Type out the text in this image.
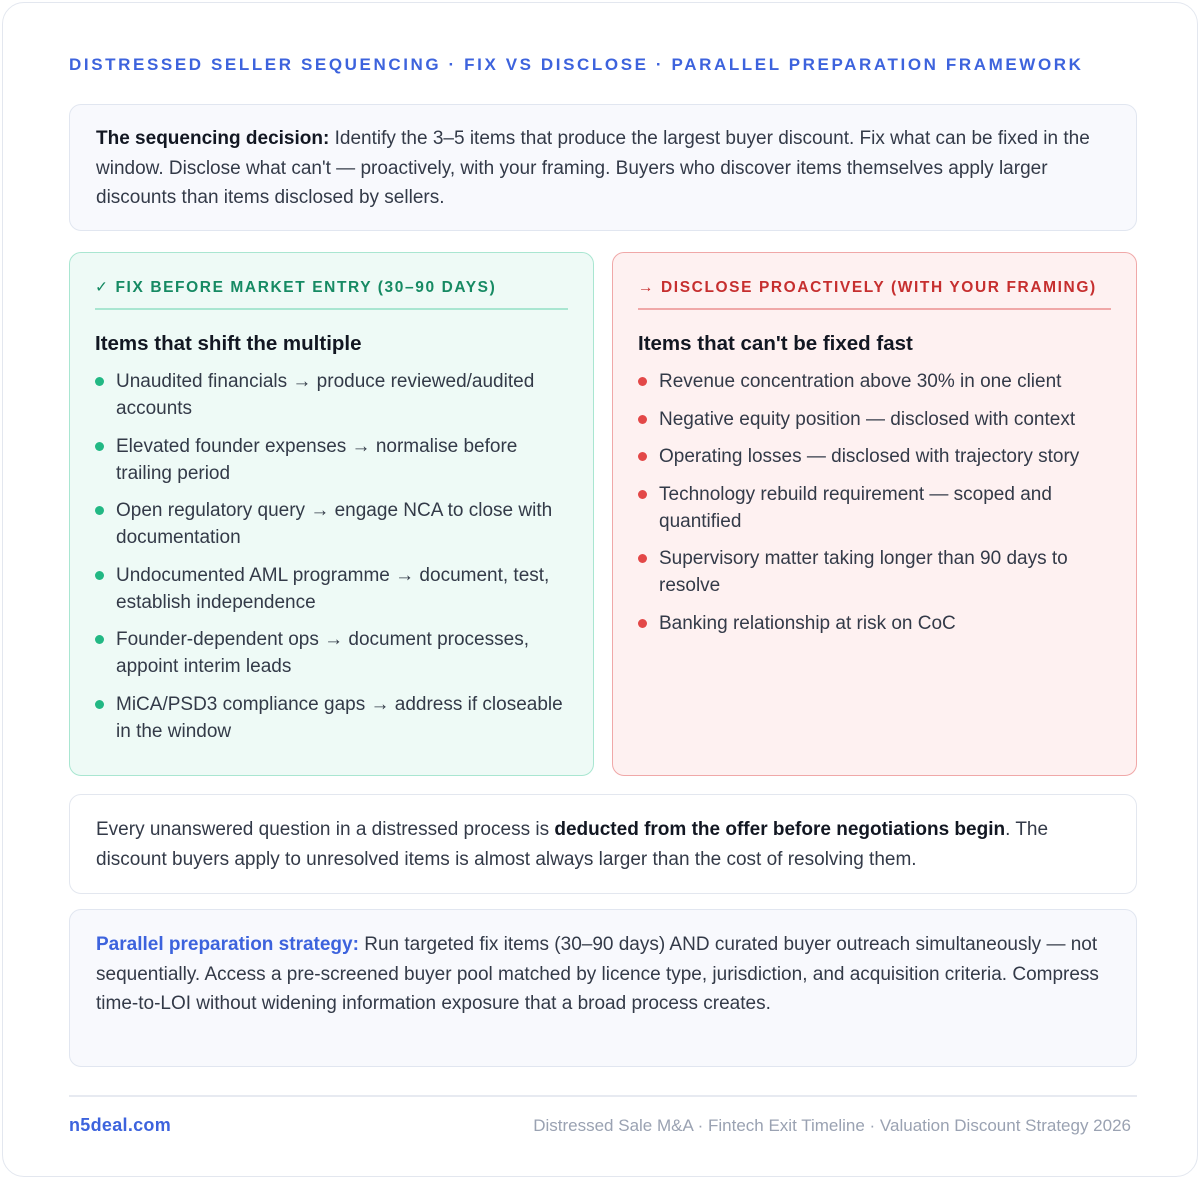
DISTRESSED SELLER SEQUENCING · FIX VS DISCLOSE · PARALLEL PREPARATION FRAMEWORK

The sequencing decision: Identify the 3–5 items that produce the largest buyer discount. Fix what can be fixed in the window. Disclose what can't — proactively, with your framing. Buyers who discover items themselves apply larger discounts than items disclosed by sellers.

✓ FIX BEFORE MARKET ENTRY (30–90 DAYS)
Items that shift the multiple
Unaudited financials → produce reviewed/audited accounts
Elevated founder expenses → normalise before trailing period
Open regulatory query → engage NCA to close with documentation
Undocumented AML programme → document, test, establish independence
Founder-dependent ops → document processes, appoint interim leads
MiCA/PSD3 compliance gaps → address if closeable in the window
→ DISCLOSE PROACTIVELY (WITH YOUR FRAMING)
Items that can't be fixed fast
Revenue concentration above 30% in one client
Negative equity position — disclosed with context
Operating losses — disclosed with trajectory story
Technology rebuild requirement — scoped and quantified
Supervisory matter taking longer than 90 days to resolve
Banking relationship at risk on CoC

Every unanswered question in a distressed process is deducted from the offer before negotiations begin. The discount buyers apply to unresolved items is almost always larger than the cost of resolving them.

Parallel preparation strategy: Run targeted fix items (30–90 days) AND curated buyer outreach simultaneously — not sequentially. Access a pre-screened buyer pool matched by licence type, jurisdiction, and acquisition criteria. Compress time-to-LOI without widening information exposure that a broad process creates.

n5deal.com	Distressed Sale M&A · Fintech Exit Timeline · Valuation Discount Strategy 2026
